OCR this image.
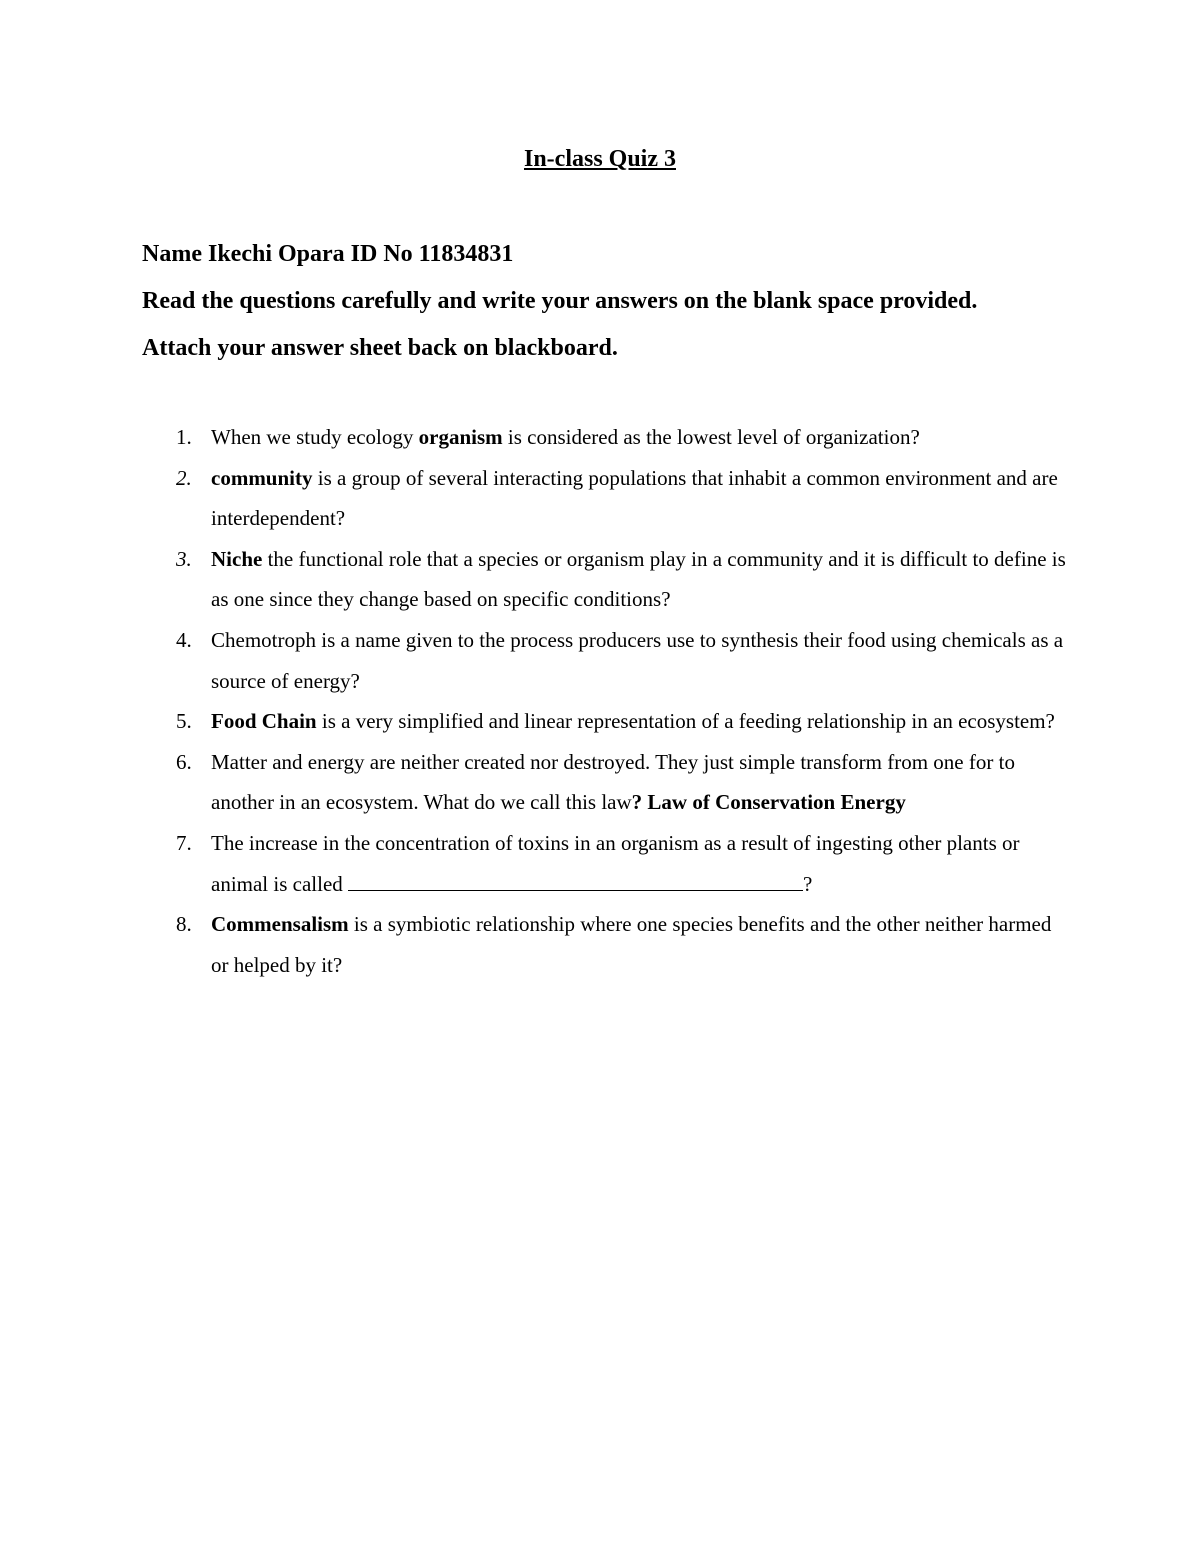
In-class Quiz 3
Name Ikechi Opara ID No 11834831
Read the questions carefully and write your answers on the blank space provided.
Attach your answer sheet back on blackboard.
1. When we study ecology organism is considered as the lowest level of organization?
2. community is a group of several interacting populations that inhabit a common environment and are interdependent?
3. Niche the functional role that a species or organism play in a community and it is difficult to define is as one since they change based on specific conditions?
4. Chemotroph is a name given to the process producers use to synthesis their food using chemicals as a source of energy?
5. Food Chain is a very simplified and linear representation of a feeding relationship in an ecosystem?
6. Matter and energy are neither created nor destroyed. They just simple transform from one for to another in an ecosystem. What do we call this law? Law of Conservation Energy
7. The increase in the concentration of toxins in an organism as a result of ingesting other plants or animal is called	?
8. Commensalism is a symbiotic relationship where one species benefits and the other neither harmed or helped by it?
